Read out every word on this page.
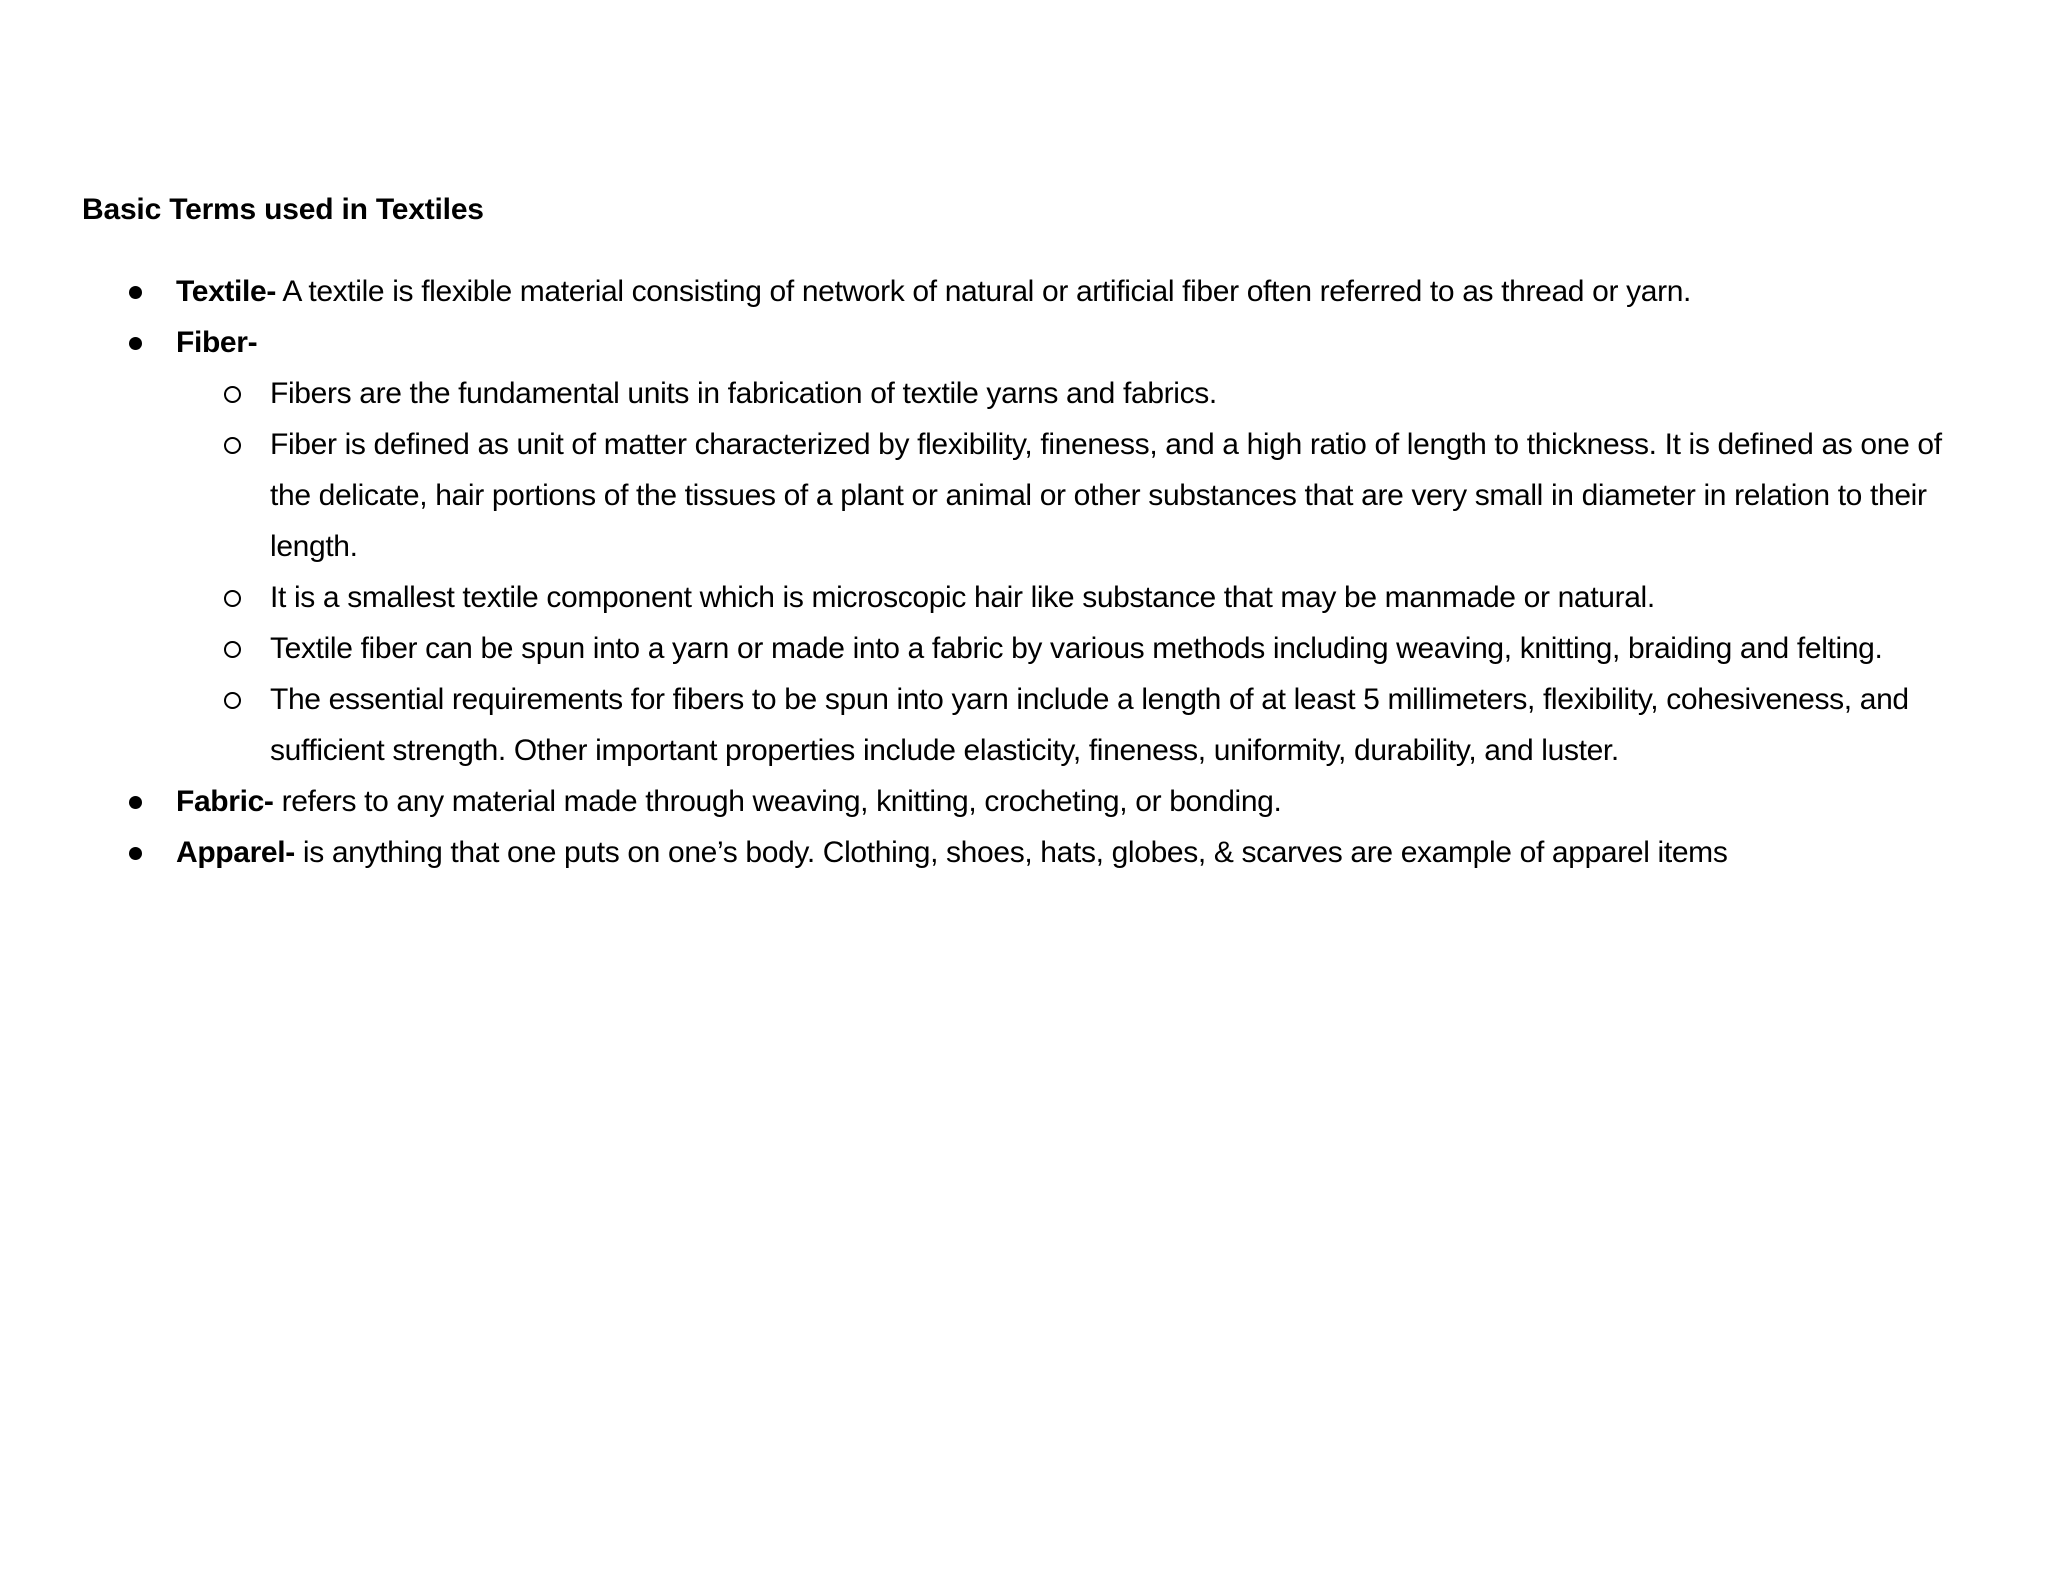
Basic Terms used in Textiles
Textile- A textile is flexible material consisting of network of natural or artificial fiber often referred to as thread or yarn.
Fiber-
Fibers are the fundamental units in fabrication of textile yarns and fabrics.
Fiber is defined as unit of matter characterized by flexibility, fineness, and a high ratio of length to thickness. It is defined as one of the delicate, hair portions of the tissues of a plant or animal or other substances that are very small in diameter in relation to their length.
It is a smallest textile component which is microscopic hair like substance that may be manmade or natural.
Textile fiber can be spun into a yarn or made into a fabric by various methods including weaving, knitting, braiding and felting.
The essential requirements for fibers to be spun into yarn include a length of at least 5 millimeters, flexibility, cohesiveness, and sufficient strength. Other important properties include elasticity, fineness, uniformity, durability, and luster.
Fabric- refers to any material made through weaving, knitting, crocheting, or bonding.
Apparel- is anything that one puts on one’s body. Clothing, shoes, hats, globes, & scarves are example of apparel items
